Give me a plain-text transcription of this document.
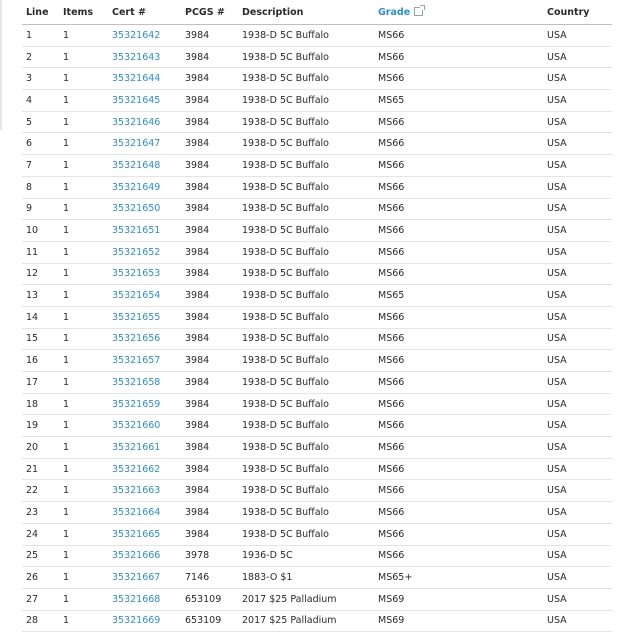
Line	Items	Cert #	PCGS #	Description	Grade	Country
1	1	35321642	3984	1938-D 5C Buffalo	MS66	USA
2	1	35321643	3984	1938-D 5C Buffalo	MS66	USA
3	1	35321644	3984	1938-D 5C Buffalo	MS66	USA
4	1	35321645	3984	1938-D 5C Buffalo	MS65	USA
5	1	35321646	3984	1938-D 5C Buffalo	MS66	USA
6	1	35321647	3984	1938-D 5C Buffalo	MS66	USA
7	1	35321648	3984	1938-D 5C Buffalo	MS66	USA
8	1	35321649	3984	1938-D 5C Buffalo	MS66	USA
9	1	35321650	3984	1938-D 5C Buffalo	MS66	USA
10	1	35321651	3984	1938-D 5C Buffalo	MS66	USA
11	1	35321652	3984	1938-D 5C Buffalo	MS66	USA
12	1	35321653	3984	1938-D 5C Buffalo	MS66	USA
13	1	35321654	3984	1938-D 5C Buffalo	MS65	USA
14	1	35321655	3984	1938-D 5C Buffalo	MS66	USA
15	1	35321656	3984	1938-D 5C Buffalo	MS66	USA
16	1	35321657	3984	1938-D 5C Buffalo	MS66	USA
17	1	35321658	3984	1938-D 5C Buffalo	MS66	USA
18	1	35321659	3984	1938-D 5C Buffalo	MS66	USA
19	1	35321660	3984	1938-D 5C Buffalo	MS66	USA
20	1	35321661	3984	1938-D 5C Buffalo	MS66	USA
21	1	35321662	3984	1938-D 5C Buffalo	MS66	USA
22	1	35321663	3984	1938-D 5C Buffalo	MS66	USA
23	1	35321664	3984	1938-D 5C Buffalo	MS66	USA
24	1	35321665	3984	1938-D 5C Buffalo	MS66	USA
25	1	35321666	3978	1936-D 5C	MS66	USA
26	1	35321667	7146	1883-O $1	MS65+	USA
27	1	35321668	653109	2017 $25 Palladium	MS69	USA
28	1	35321669	653109	2017 $25 Palladium	MS69	USA
